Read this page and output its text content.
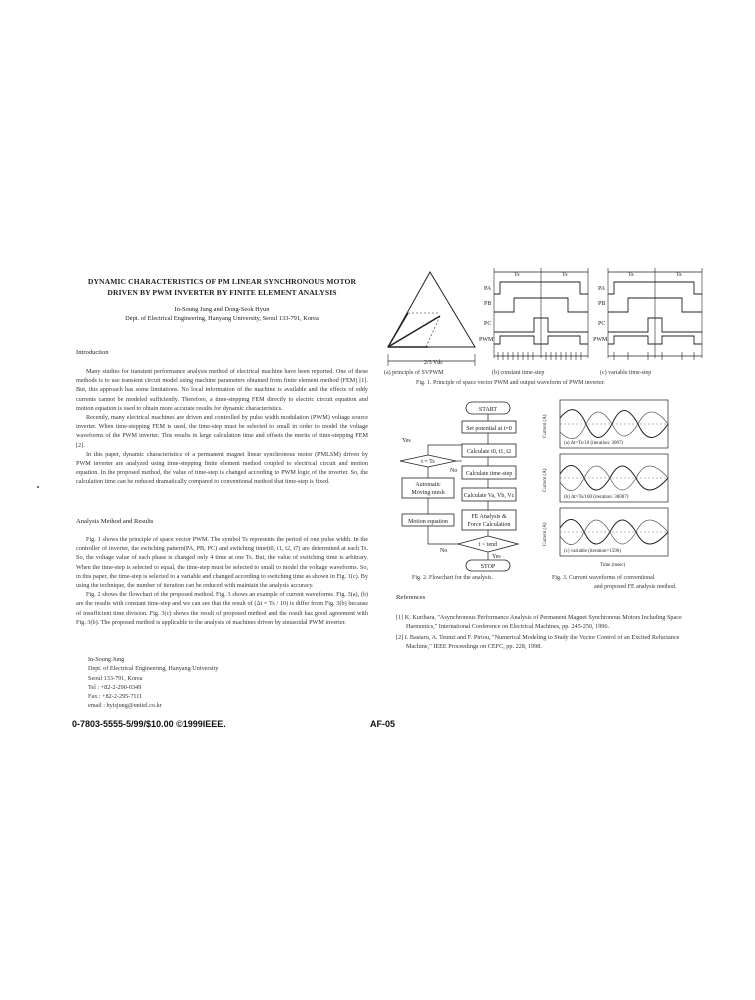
DYNAMIC CHARACTERISTICS OF PM LINEAR SYNCHRONOUS MOTOR
DRIVEN BY PWM INVERTER BY FINITE ELEMENT ANALYSIS
In-Soung Jung and Dong-Seok Hyun
Dept. of Electrical Engineering, Hanyang University, Seoul 133-791, Korea
Introduction

Many studies for transient performance analysis method of electrical machine have been reported. One of these methods is to use transient circuit model using machine parameters obtained from finite element method (FEM) [1]. But, this approach has some limitations. No local information of the machine is available and the effects of eddy currents cannot be modeled sufficiently. Therefore, a time-stepping FEM directly to electric circuit equation and motion equation is used to obtain more accurate results for dynamic characteristics.

Recently, many electrical machines are driven and controlled by pulse width modulation (PWM) voltage source inverter. When time-stepping FEM is used, the time-step must be selected to small in order to model the voltage waveforms of the PWM inverter. This results in large calculation time and offsets the merits of time-stepping FEM [2].

In this paper, dynamic characteristics of a permanent magnet linear synchronous motor (PMLSM) driven by PWM inverter are analyzed using time-stepping finite element method coupled to electrical circuit and motion equation. In the proposed method, the value of time-step is changed according to PWM logic of the inverter. So, the calculation time can be reduced dramatically compared to conventional method that time-step is fixed.

Analysis Method and Results

Fig. 1 shows the principle of space vector PWM. The symbol Ts represents the period of one pulse width. In the controller of inverter, the switching pattern(PA, PB, PC) and switching time(t0, t1, t2, t7) are determined at each Ts. So, the voltage value of each phase is changed only 4 time at one Ts. But, the value of switching time is arbitrary. When the time-step is selected to equal, the time-step must be selected to small to model the voltage waveforms. So, in this paper, the time-step is selected to a variable and changed according to switching time as shown in Fig. 1(c). By using the technique, the number of iteration can be reduced with maintain the analysis accuracy.

Fig. 2 shows the flowchart of the proposed method. Fig. 3 shows an example of current waveforms. Fig. 3(a), (b) are the results with constant time-step and we can see that the result of (Δt = Ts / 10) is differ from Fig. 3(b) because of insufficient time division. Fig. 3(c) shows the result of proposed method and the result has good agreement with Fig. 3(b). The proposed method is applicable to the analysis of machines driven by sinusoidal PWM inverter.

In-Soung Jung
Dept. of Electrical Engineering, Hanyang University
Seoul 133-791, Korea
Tel : +82-2-290-0349
Fax : +82-2-295-7111
email : hyisjung@unitel.co.kr
0-7803-5555-5/99/$10.00 ©1999IEEE.	AF-05
2/3 Vdc
PA
PB
PC
PWM
Ts	Ts
PA
PB
PC
PWM
Ts	Ts
(a) principle of SVPWM	(b) constant time-step	(c) variable time-step
Fig. 1. Principle of space vector PWM and output waveform of PWM inverter.
START
Set potential at t=0
Calculate t0, t1, t2
Calculate time-step
Calculate Va, Vb, Vc
FE Analysis &
Force Calculation
t < tend
Yes
STOP
t = Ts
No
Yes
Automatic
Moving mesh
Motion equation
No
Fig. 2. Flowchart for the analysis.
(a) Δt=Ts/10 (iteration: 3007)
Current (A)
(b) Δt=Ts/100 (iteration: 30007)
Current (A)
(c) variable (iteration=1596)
Current (A)
Time (msec)
Fig. 3. Current waveforms of conventional
and proposed FE analysis method.
References
[1] K. Kurihara, "Asynchronous Performance Analysis of Permanent Magnet Synchronous Motors Including Space Harmonics," International Conference on Electrical Machines, pp. 245-250, 1996.
[2] I. Bastaru, A. Teunzi and F. Piriou, "Numerical Modeling to Study the Vector Control of an Excited Reluctance Machine," IEEE Proceedings on CEFC, pp. 228, 1998.
